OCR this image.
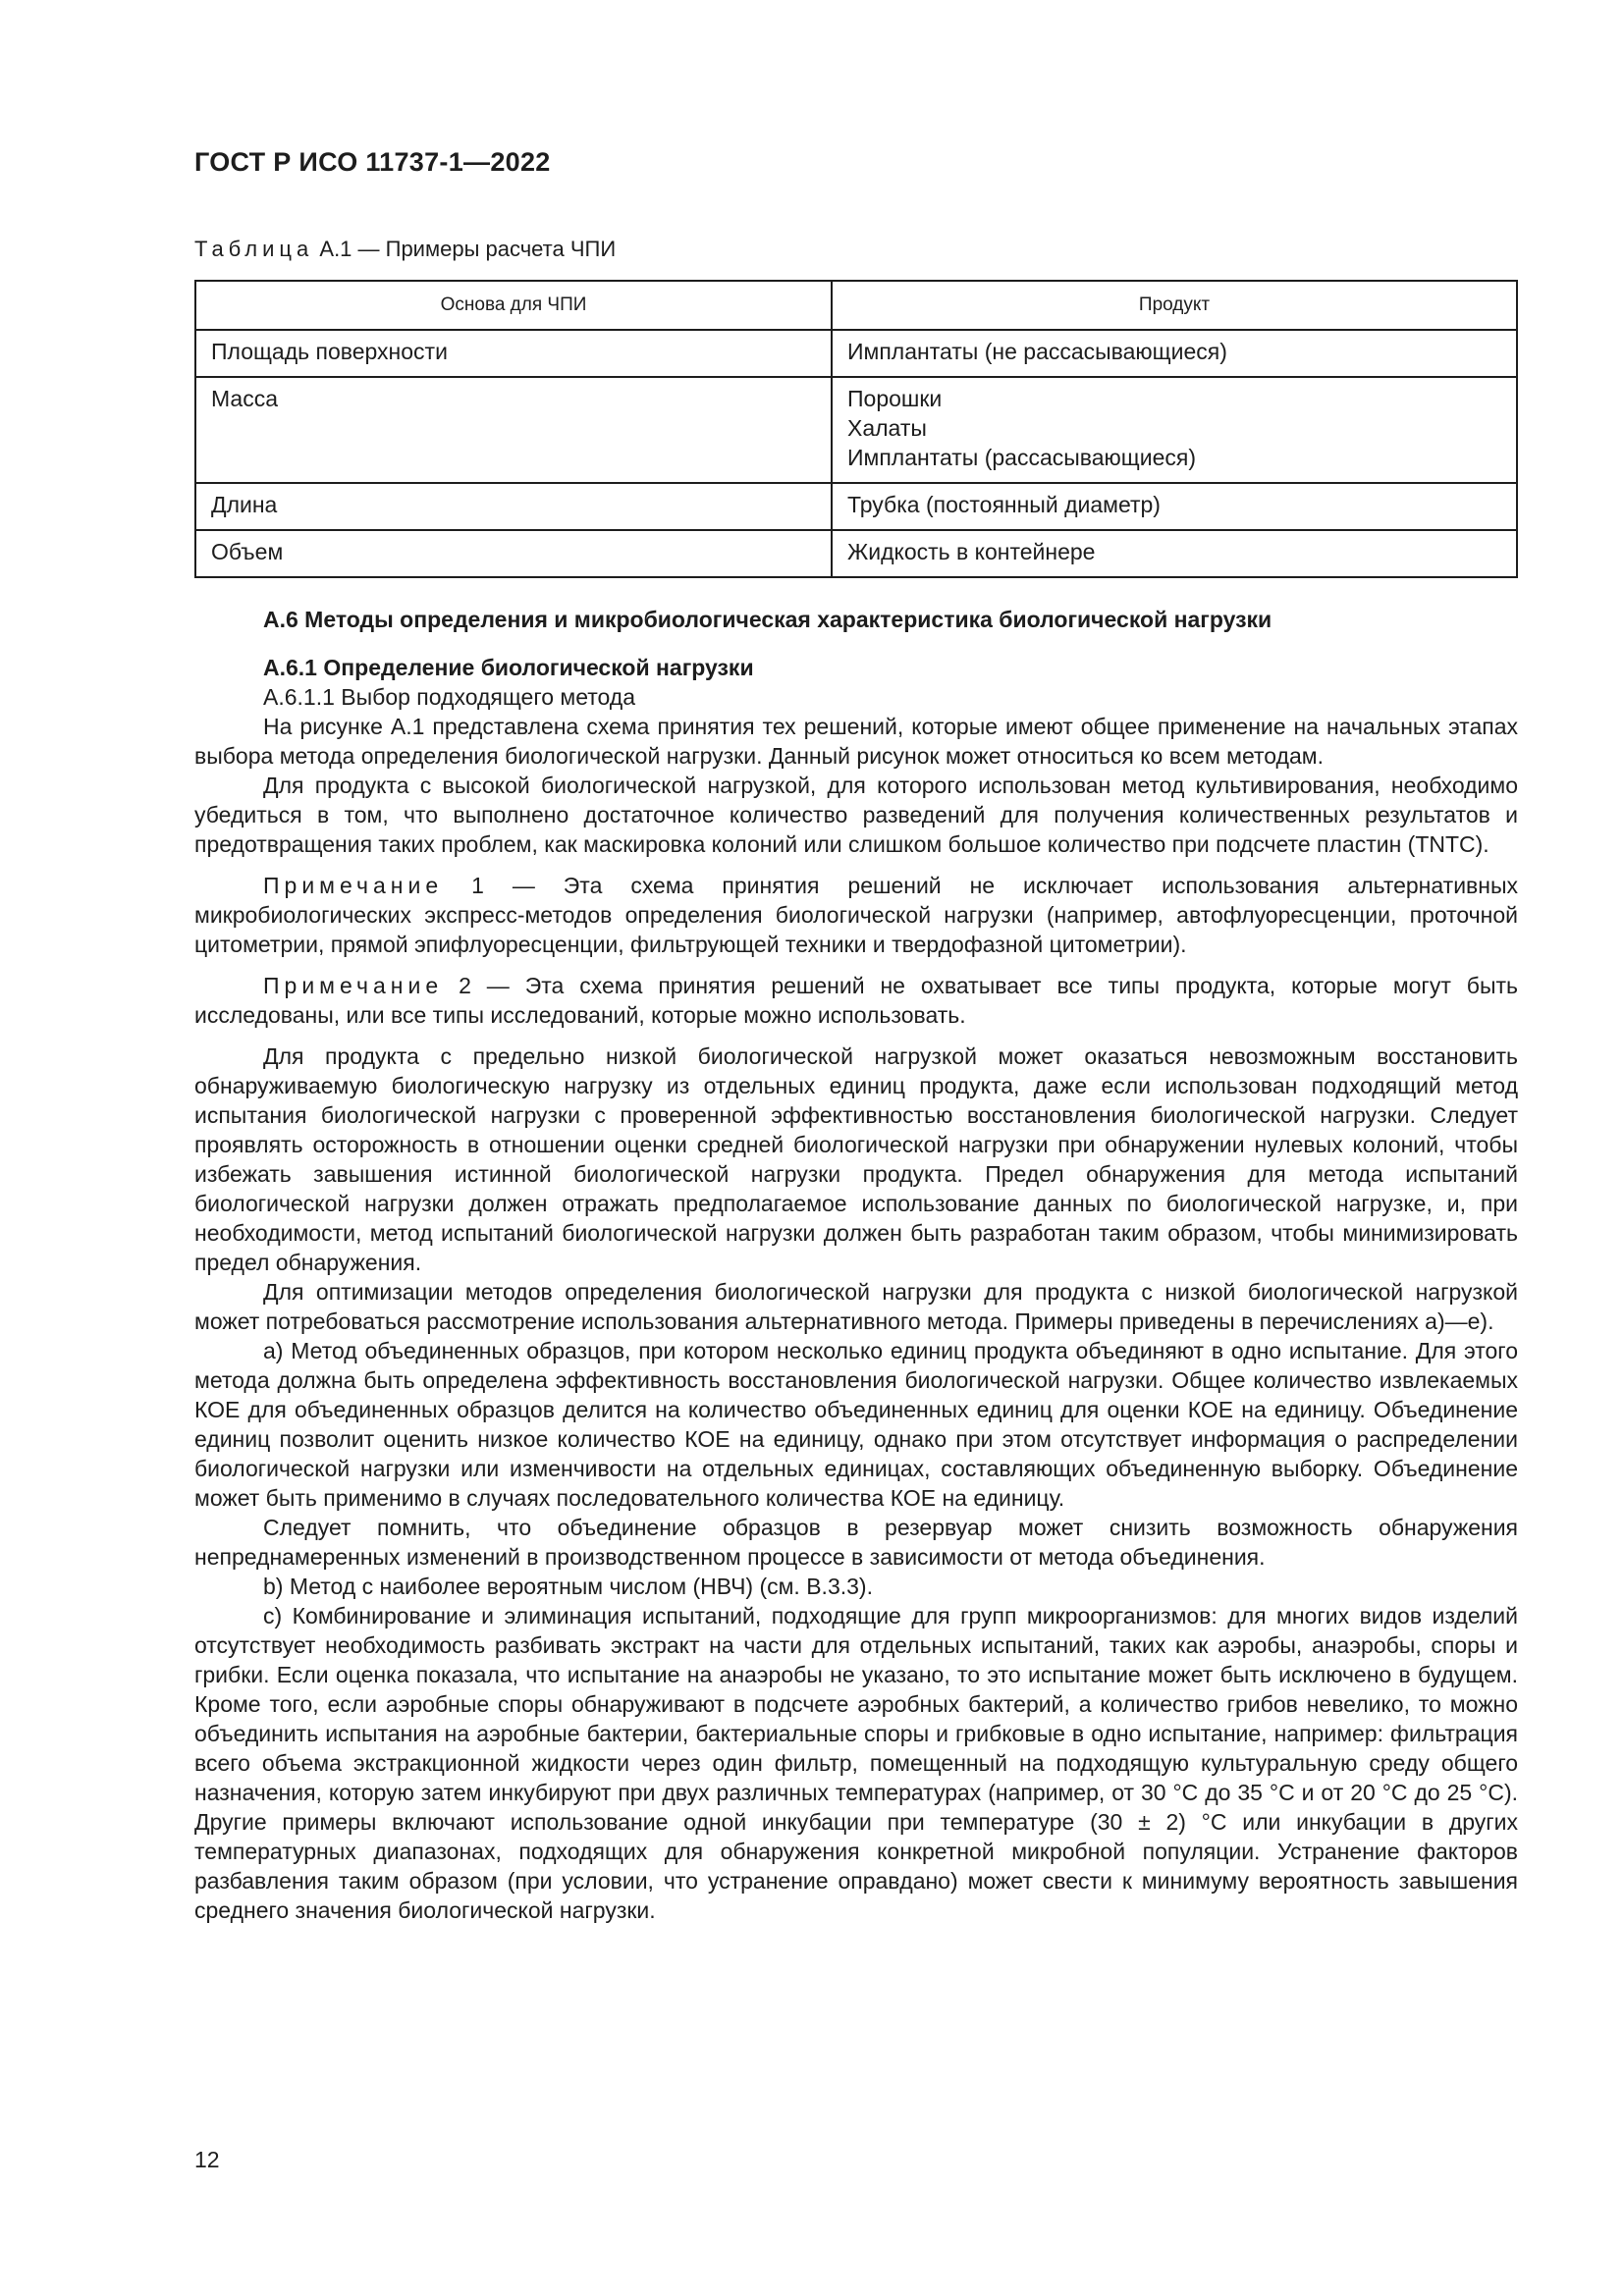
ГОСТ Р ИСО 11737-1—2022
Таблица А.1 — Примеры расчета ЧПИ
Основа для ЧПИ	Продукт
Площадь поверхности	Имплантаты (не рассасывающиеся)

Масса	Порошки
Халаты
Имплантаты (рассасывающиеся)

Длина	Трубка (постоянный диаметр)

Объем	Жидкость в контейнере
А.6 Методы определения и микробиологическая характеристика биологической нагрузки
А.6.1 Определение биологической нагрузки
А.6.1.1 Выбор подходящего метода

На рисунке А.1 представлена схема принятия тех решений, которые имеют общее применение на начальных этапах выбора метода определения биологической нагрузки. Данный рисунок может относиться ко всем методам.

Для продукта с высокой биологической нагрузкой, для которого использован метод культивирования, необходимо убедиться в том, что выполнено достаточное количество разведений для получения количественных результатов и предотвращения таких проблем, как маскировка колоний или слишком большое количество при подсчете пластин (TNTC).

Примечание 1 — Эта схема принятия решений не исключает использования альтернативных микробиологических экспресс-методов определения биологической нагрузки (например, автофлуоресценции, проточной цитометрии, прямой эпифлуоресценции, фильтрующей техники и твердофазной цитометрии).

Примечание 2 — Эта схема принятия решений не охватывает все типы продукта, которые могут быть исследованы, или все типы исследований, которые можно использовать.

Для продукта с предельно низкой биологической нагрузкой может оказаться невозможным восстановить обнаруживаемую биологическую нагрузку из отдельных единиц продукта, даже если использован подходящий метод испытания биологической нагрузки с проверенной эффективностью восстановления биологической нагрузки. Следует проявлять осторожность в отношении оценки средней биологической нагрузки при обнаружении нулевых колоний, чтобы избежать завышения истинной биологической нагрузки продукта. Предел обнаружения для метода испытаний биологической нагрузки должен отражать предполагаемое использование данных по биологической нагрузке, и, при необходимости, метод испытаний биологической нагрузки должен быть разработан таким образом, чтобы минимизировать предел обнаружения.

Для оптимизации методов определения биологической нагрузки для продукта с низкой биологической нагрузкой может потребоваться рассмотрение использования альтернативного метода. Примеры приведены в перечислениях а)—е).

а) Метод объединенных образцов, при котором несколько единиц продукта объединяют в одно испытание. Для этого метода должна быть определена эффективность восстановления биологической нагрузки. Общее количество извлекаемых КОЕ для объединенных образцов делится на количество объединенных единиц для оценки КОЕ на единицу. Объединение единиц позволит оценить низкое количество КОЕ на единицу, однако при этом отсутствует информация о распределении биологической нагрузки или изменчивости на отдельных единицах, составляющих объединенную выборку. Объединение может быть применимо в случаях последовательного количества КОЕ на единицу.

Следует помнить, что объединение образцов в резервуар может снизить возможность обнаружения непреднамеренных изменений в производственном процессе в зависимости от метода объединения.

b) Метод с наиболее вероятным числом (НВЧ) (см. В.3.3).

с) Комбинирование и элиминация испытаний, подходящие для групп микроорганизмов: для многих видов изделий отсутствует необходимость разбивать экстракт на части для отдельных испытаний, таких как аэробы, анаэробы, споры и грибки. Если оценка показала, что испытание на анаэробы не указано, то это испытание может быть исключено в будущем. Кроме того, если аэробные споры обнаруживают в подсчете аэробных бактерий, а количество грибов невелико, то можно объединить испытания на аэробные бактерии, бактериальные споры и грибковые в одно испытание, например: фильтрация всего объема экстракционной жидкости через один фильтр, помещенный на подходящую культуральную среду общего назначения, которую затем инкубируют при двух различных температурах (например, от 30 °С до 35 °С и от 20 °С до 25 °С). Другие примеры включают использование одной инкубации при температуре (30 ± 2) °С или инкубации в других температурных диапазонах, подходящих для обнаружения конкретной микробной популяции. Устранение факторов разбавления таким образом (при условии, что устранение оправдано) может свести к минимуму вероятность завышения среднего значения биологической нагрузки.

12
